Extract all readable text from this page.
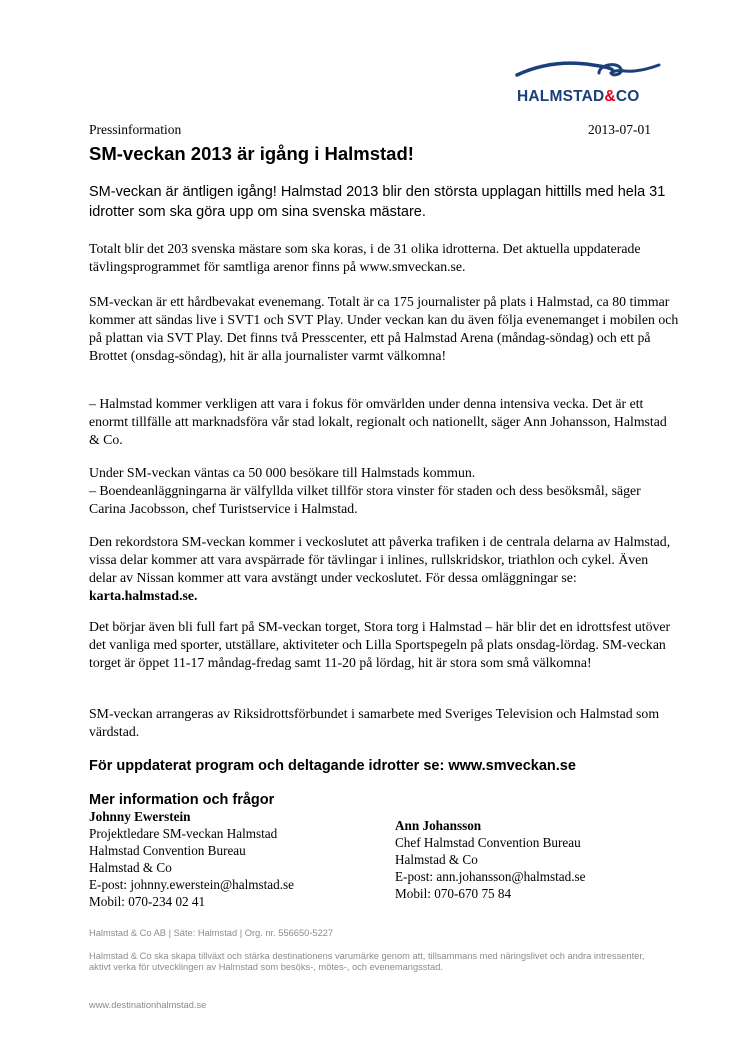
HALMSTAD&CO
Pressinformation	2013-07-01
SM-veckan 2013 är igång i Halmstad!
SM-veckan är äntligen igång! Halmstad 2013 blir den största upplagan hittills med hela 31 idrotter som ska göra upp om sina svenska mästare.
Totalt blir det 203 svenska mästare som ska koras, i de 31 olika idrotterna. Det aktuella uppdaterade tävlingsprogrammet för samtliga arenor finns på www.smveckan.se.
SM-veckan är ett hårdbevakat evenemang. Totalt är ca 175 journalister på plats i Halmstad, ca 80 timmar kommer att sändas live i SVT1 och SVT Play. Under veckan kan du även följa evenemanget i mobilen och på plattan via SVT Play. Det finns två Presscenter, ett på Halmstad Arena (måndag-söndag) och ett på Brottet (onsdag-söndag), hit är alla journalister varmt välkomna!
– Halmstad kommer verkligen att vara i fokus för omvärlden under denna intensiva vecka. Det är ett enormt tillfälle att marknadsföra vår stad lokalt, regionalt och nationellt, säger Ann Johansson, Halmstad & Co.
Under SM-veckan väntas ca 50 000 besökare till Halmstads kommun.
– Boendeanläggningarna är välfyllda vilket tillför stora vinster för staden och dess besöksmål, säger Carina Jacobsson, chef Turistservice i Halmstad.
Den rekordstora SM-veckan kommer i veckoslutet att påverka trafiken i de centrala delarna av Halmstad, vissa delar kommer att vara avspärrade för tävlingar i inlines, rullskridskor, triathlon och cykel. Även delar av Nissan kommer att vara avstängt under veckoslutet. För dessa omläggningar se: karta.halmstad.se.
Det börjar även bli full fart på SM-veckan torget, Stora torg i Halmstad – här blir det en idrottsfest utöver det vanliga med sporter, utställare, aktiviteter och Lilla Sportspegeln på plats onsdag-lördag. SM-veckan torget är öppet 11-17 måndag-fredag samt 11-20 på lördag, hit är stora som små välkomna!
SM-veckan arrangeras av Riksidrottsförbundet i samarbete med Sveriges Television och Halmstad som värdstad.
För uppdaterat program och deltagande idrotter se: www.smveckan.se
Mer information och frågor
Johnny Ewerstein
Projektledare SM-veckan Halmstad
Halmstad Convention Bureau
Halmstad & Co
E-post: johnny.ewerstein@halmstad.se
Mobil: 070-234 02 41
Ann Johansson
Chef Halmstad Convention Bureau
Halmstad & Co
E-post: ann.johansson@halmstad.se
Mobil: 070-670 75 84
Halmstad & Co AB | Säte: Halmstad | Org. nr. 556650-5227
Halmstad & Co ska skapa tillväxt och stärka destinationens varumärke genom att, tillsammans med näringslivet och andra intressenter, aktivt verka för utvecklingen av Halmstad som besöks-, mötes-, och evenemangsstad.
www.destinationhalmstad.se
